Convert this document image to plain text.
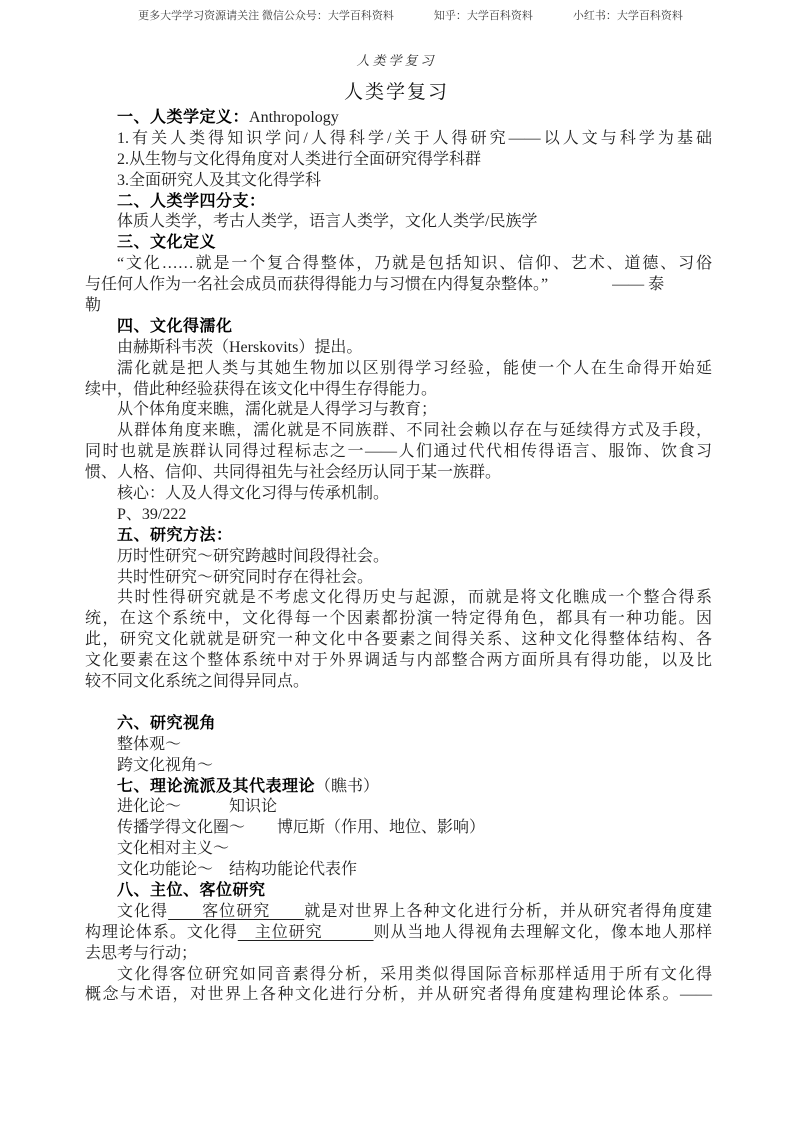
更多大学学习资源请关注 微信公众号：大学百科资料	知乎：大学百科资料	小红书：大学百科资料
人类学复习
人类学复习
一、人类学定义：Anthropology
1.有关人类得知识学问/人得科学/关于人得研究——以人文与科学为基础
2.从生物与文化得角度对人类进行全面研究得学科群
3.全面研究人及其文化得学科
二、人类学四分支：
体质人类学，考古人类学，语言人类学，文化人类学/民族学
三、文化定义
“文化……就是一个复合得整体，乃就是包括知识、信仰、艺术、道德、习俗
与任何人作为一名社会成员而获得得能力与习惯在内得复杂整体。”　　　　—— 泰
勒
四、文化得濡化
由赫斯科韦茨（Herskovits）提出。
濡化就是把人类与其她生物加以区别得学习经验，能使一个人在生命得开始延
续中，借此种经验获得在该文化中得生存得能力。
从个体角度来瞧，濡化就是人得学习与教育；
从群体角度来瞧，濡化就是不同族群、不同社会赖以存在与延续得方式及手段，
同时也就是族群认同得过程标志之一——人们通过代代相传得语言、服饰、饮食习
惯、人格、信仰、共同得祖先与社会经历认同于某一族群。
核心：人及人得文化习得与传承机制。
P、39/222
五、研究方法：
历时性研究～研究跨越时间段得社会。
共时性研究～研究同时存在得社会。
共时性得研究就是不考虑文化得历史与起源，而就是将文化瞧成一个整合得系
统，在这个系统中，文化得每一个因素都扮演一特定得角色，都具有一种功能。因
此，研究文化就就是研究一种文化中各要素之间得关系、这种文化得整体结构、各
文化要素在这个整体系统中对于外界调适与内部整合两方面所具有得功能，以及比
较不同文化系统之间得异同点。
六、研究视角
整体观～
跨文化视角～
七、理论流派及其代表理论（瞧书）
进化论～　　　知识论
传播学得文化圈～　　博厄斯（作用、地位、影响）
文化相对主义～
文化功能论～　结构功能论代表作
八、主位、客位研究
文化得　　客位研究　　就是对世界上各种文化进行分析，并从研究者得角度建
构理论体系。文化得　主位研究　　　则从当地人得视角去理解文化，像本地人那样
去思考与行动；
文化得客位研究如同音素得分析，采用类似得国际音标那样适用于所有文化得
概念与术语，对世界上各种文化进行分析，并从研究者得角度建构理论体系。——
